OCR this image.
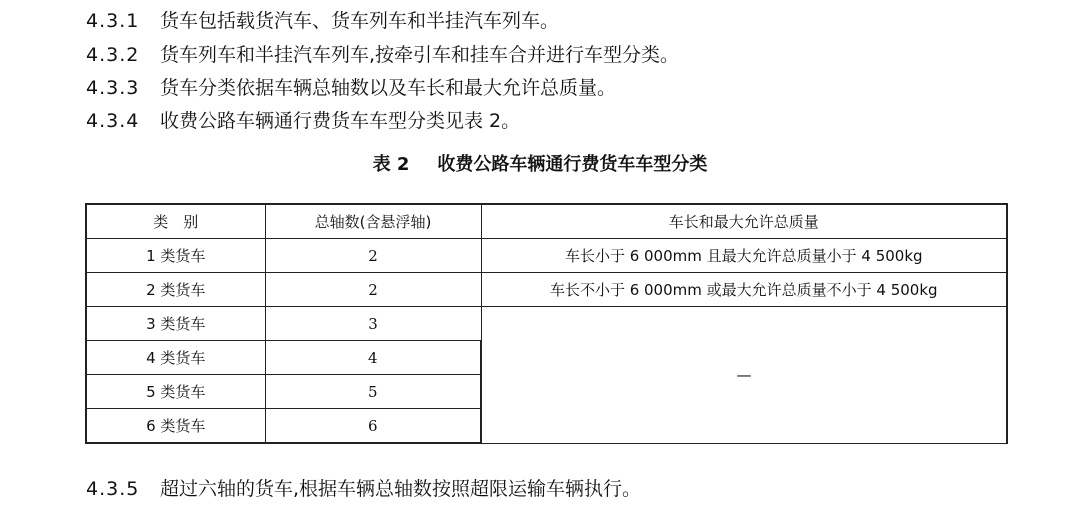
4.3.1 货车包括载货汽车、货车列车和半挂汽车列车。
4.3.2 货车列车和半挂汽车列车,按牵引车和挂车合并进行车型分类。
4.3.3 货车分类依据车辆总轴数以及车长和最大允许总质量。
4.3.4 收费公路车辆通行费货车车型分类见表 2。
表 2 收费公路车辆通行费货车车型分类
类　别	总轴数(含悬浮轴)	车长和最大允许总质量
1 类货车	2	车长小于 6 000mm 且最大允许总质量小于 4 500kg
2 类货车	2	车长不小于 6 000mm 或最大允许总质量不小于 4 500kg
3 类货车	3	—
4 类货车	4	
5 类货车	5	
6 类货车	6	
4.3.5 超过六轴的货车,根据车辆总轴数按照超限运输车辆执行。
